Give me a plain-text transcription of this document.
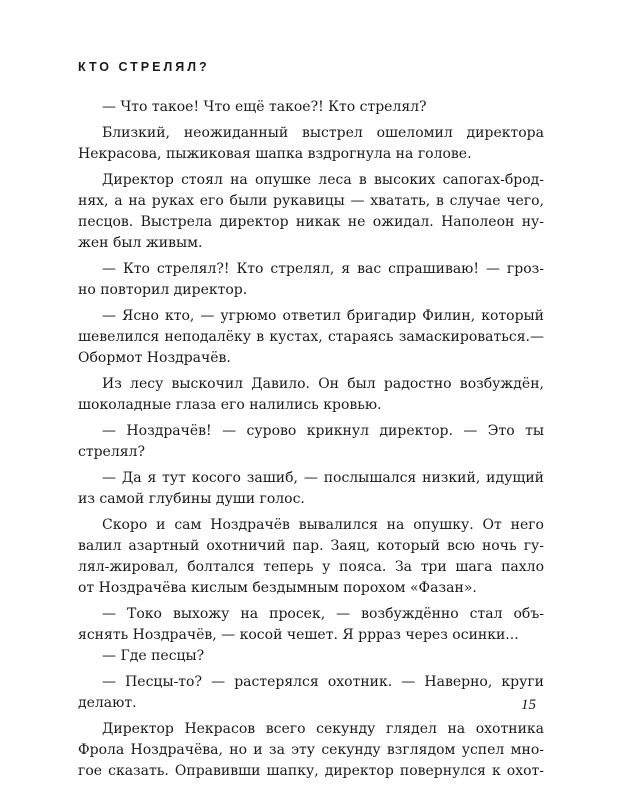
КТО СТРЕЛЯЛ?
— Что такое! Что ещё такое?! Кто стрелял?
Близкий, неожиданный выстрел ошеломил директора
Некрасова, пыжиковая шапка вздрогнула на голове.
Директор стоял на опушке леса в высоких сапогах-брод-
нях, а на руках его были рукавицы — хватать, в случае чего,
песцов. Выстрела директор никак не ожидал. Наполеон ну-
жен был живым.
— Кто стрелял?! Кто стрелял, я вас спрашиваю! — гроз-
но повторил директор.
— Ясно кто, — угрюмо ответил бригадир Филин, который
шевелился неподалёку в кустах, стараясь замаскироваться.—
Обормот Ноздрачёв.
Из лесу выскочил Давило. Он был радостно возбуждён,
шоколадные глаза его налились кровью.
— Ноздрачёв! — сурово крикнул директор. — Это ты
стрелял?
— Да я тут косого зашиб, — послышался низкий, идущий
из самой глубины души голос.
Скоро и сам Ноздрачёв вывалился на опушку. От него
валил азартный охотничий пар. Заяц, который всю ночь гу-
лял-жировал, болтался теперь у пояса. За три шага пахло
от Ноздрачёва кислым бездымным порохом «Фазан».
— Токо выхожу на просек, — возбуждённо стал объ-
яснять Ноздрачёв, — косой чешет. Я ррраз через осинки...
— Где песцы?
— Песцы-то? — растерялся охотник. — Наверно, круги
делают.
Директор Некрасов всего секунду глядел на охотника
Фрола Ноздрачёва, но и за эту секунду взглядом успел мно-
гое сказать. Оправивши шапку, директор повернулся к охот-
15
